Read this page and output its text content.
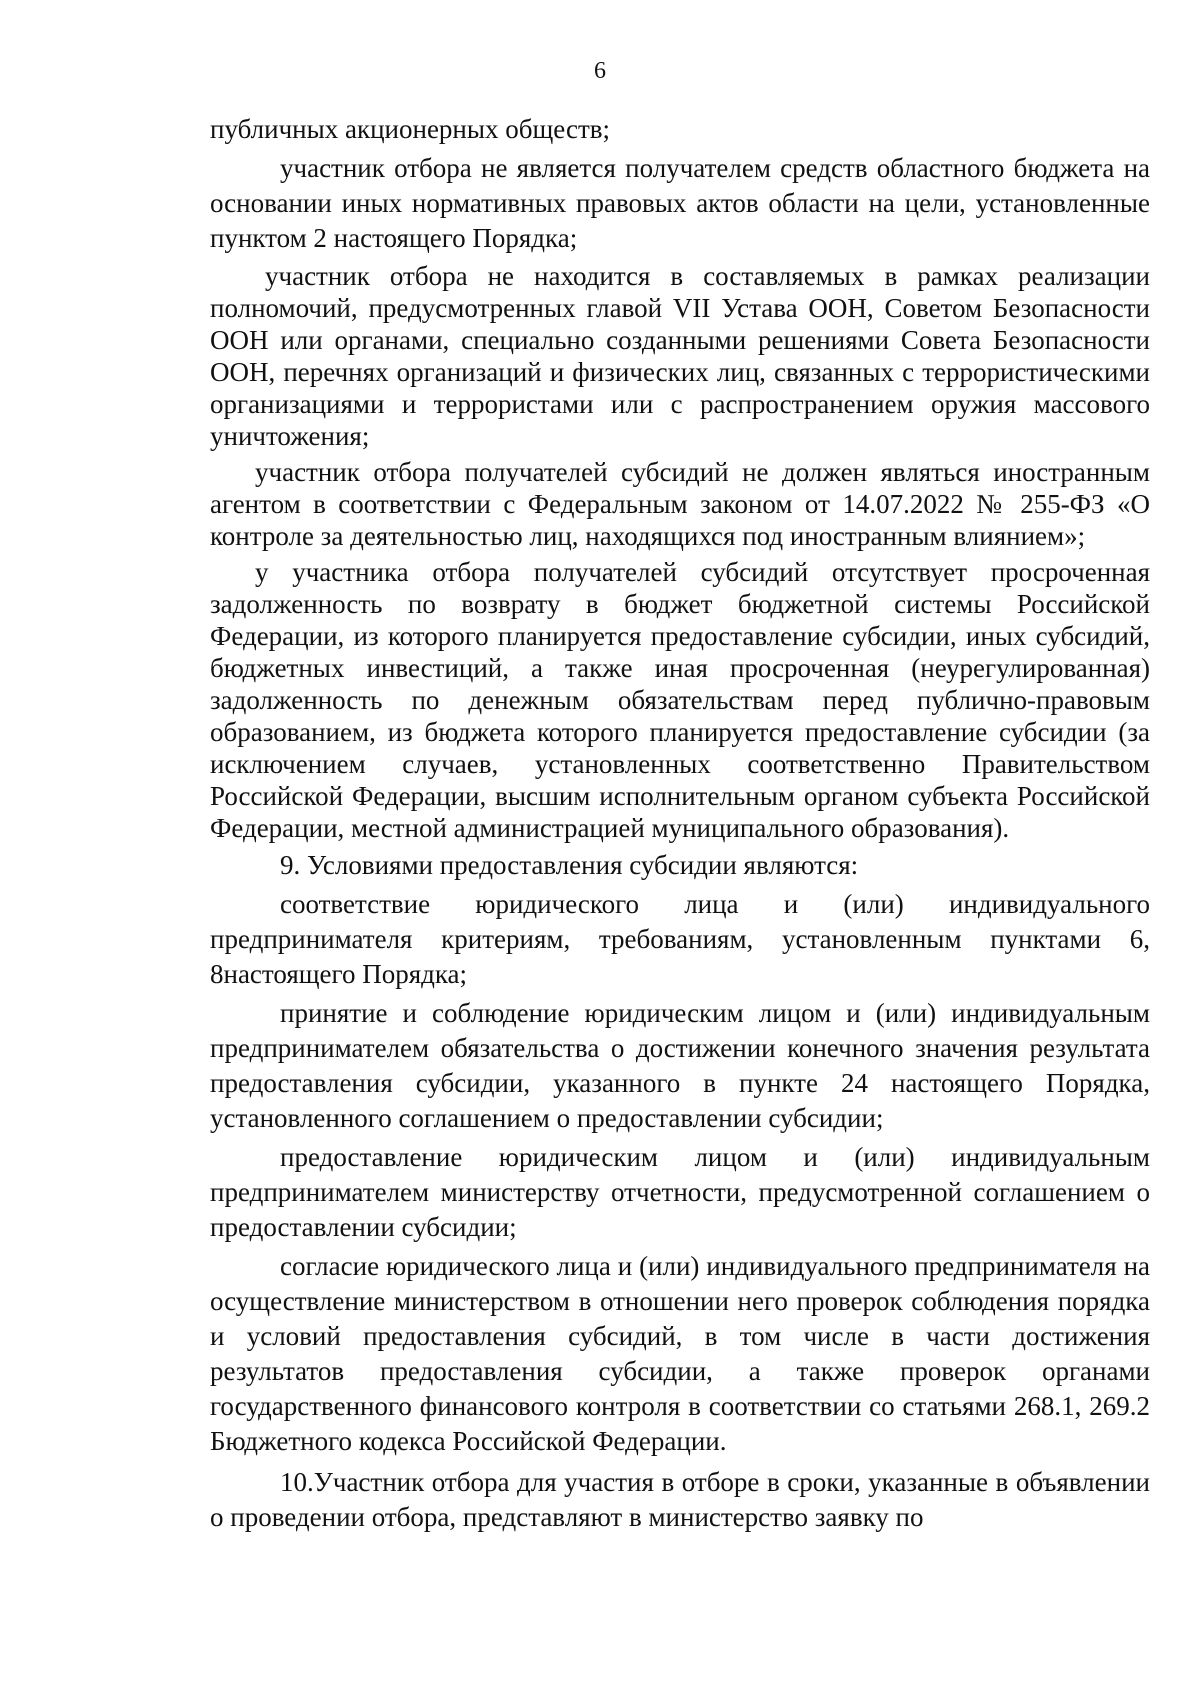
6

публичных акционерных обществ;

участник отбора не является получателем средств областного бюджета на основании иных нормативных правовых актов области на цели, установленные пунктом 2 настоящего Порядка;

участник отбора не находится в составляемых в рамках реализации полномочий, предусмотренных главой VII Устава ООН, Советом Безопасности ООН или органами, специально созданными решениями Совета Безопасности ООН, перечнях организаций и физических лиц, связанных с террористическими организациями и террористами или с распространением оружия массового уничтожения;

участник отбора получателей субсидий не должен являться иностранным агентом в соответствии с Федеральным законом от 14.07.2022 № 255-ФЗ «О контроле за деятельностью лиц, находящихся под иностранным влиянием»;

у участника отбора получателей субсидий отсутствует просроченная задолженность по возврату в бюджет бюджетной системы Российской Федерации, из которого планируется предоставление субсидии, иных субсидий, бюджетных инвестиций, а также иная просроченная (неурегулированная) задолженность по денежным обязательствам перед публично-правовым образованием, из бюджета которого планируется предоставление субсидии (за исключением случаев, установленных соответственно Правительством Российской Федерации, высшим исполнительным органом субъекта Российской Федерации, местной администрацией муниципального образования).

9. Условиями предоставления субсидии являются:

соответствие юридического лица и (или) индивидуального предпринимателя критериям, требованиям, установленным пунктами 6, 8настоящего Порядка;

принятие и соблюдение юридическим лицом и (или) индивидуальным предпринимателем обязательства о достижении конечного значения результата предоставления субсидии, указанного в пункте 24 настоящего Порядка, установленного соглашением о предоставлении субсидии;

предоставление юридическим лицом и (или) индивидуальным предпринимателем министерству отчетности, предусмотренной соглашением о предоставлении субсидии;

согласие юридического лица и (или) индивидуального предпринимателя на осуществление министерством в отношении него проверок соблюдения порядка и условий предоставления субсидий, в том числе в части достижения результатов предоставления субсидии, а также проверок органами государственного финансового контроля в соответствии со статьями 268.1, 269.2 Бюджетного кодекса Российской Федерации.

10.Участник отбора для участия в отборе в сроки, указанные в объявлении о проведении отбора, представляют в министерство заявку по
